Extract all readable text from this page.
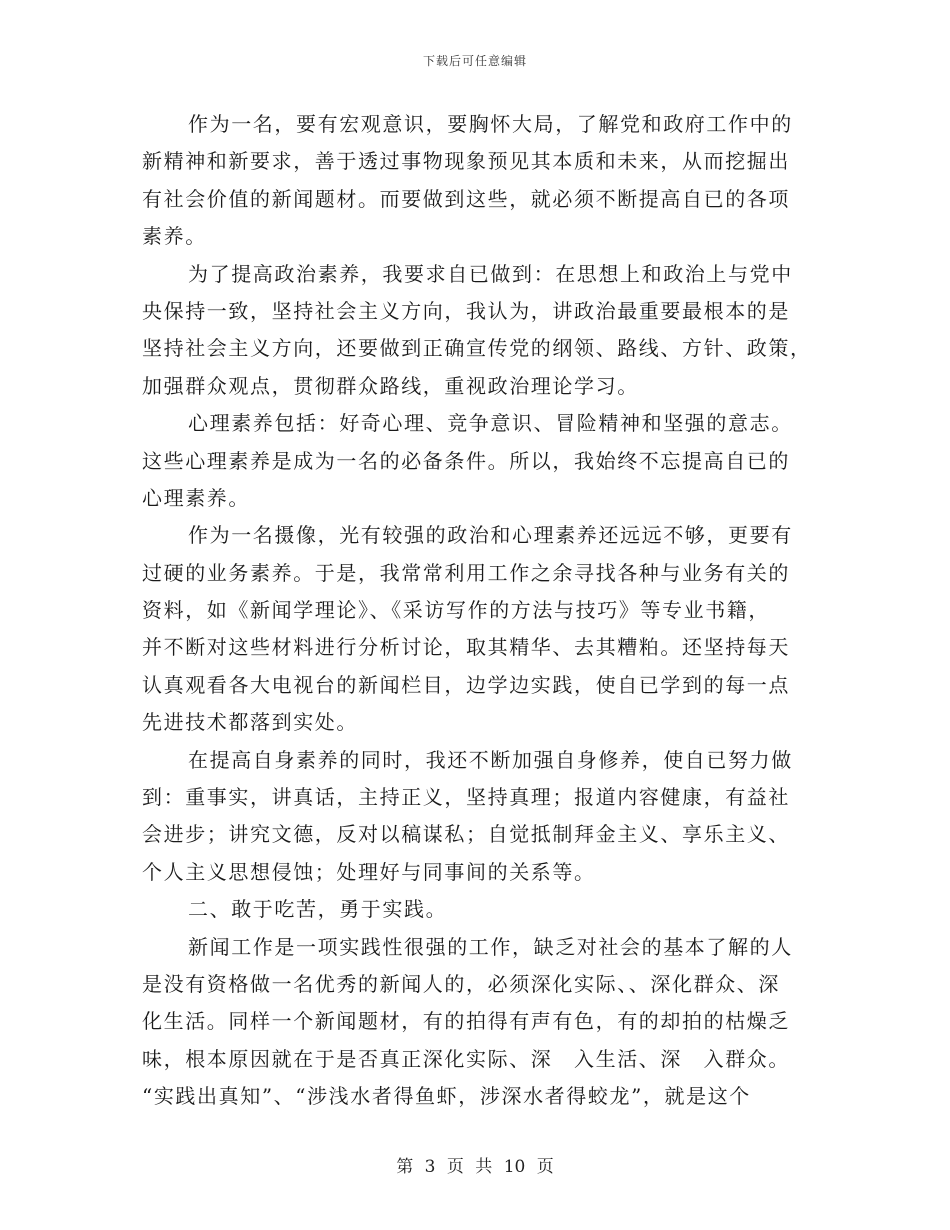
下载后可任意编辑
作为一名，要有宏观意识，要胸怀大局，了解党和政府工作中的
新精神和新要求，善于透过事物现象预见其本质和未来，从而挖掘出
有社会价值的新闻题材。而要做到这些，就必须不断提高自已的各项
素养。
为了提高政治素养，我要求自已做到：在思想上和政治上与党中
央保持一致，坚持社会主义方向，我认为，讲政治最重要最根本的是
坚持社会主义方向，还要做到正确宣传党的纲领、路线、方针、政策，
加强群众观点，贯彻群众路线，重视政治理论学习。
心理素养包括：好奇心理、竞争意识、冒险精神和坚强的意志。
这些心理素养是成为一名的必备条件。所以，我始终不忘提高自已的
心理素养。
作为一名摄像，光有较强的政治和心理素养还远远不够，更要有
过硬的业务素养。于是，我常常利用工作之余寻找各种与业务有关的
资料，如《新闻学理论》、《采访写作的方法与技巧》等专业书籍，
并不断对这些材料进行分析讨论，取其精华、去其糟粕。还坚持每天
认真观看各大电视台的新闻栏目，边学边实践，使自已学到的每一点
先进技术都落到实处。
在提高自身素养的同时，我还不断加强自身修养，使自已努力做
到：重事实，讲真话，主持正义，坚持真理；报道内容健康，有益社
会进步；讲究文德，反对以稿谋私；自觉抵制拜金主义、享乐主义、
个人主义思想侵蚀；处理好与同事间的关系等。
二、敢于吃苦，勇于实践。
新闻工作是一项实践性很强的工作，缺乏对社会的基本了解的人
是没有资格做一名优秀的新闻人的，必须深化实际、、深化群众、深
化生活。同样一个新闻题材，有的拍得有声有色，有的却拍的枯燥乏
味，根本原因就在于是否真正深化实际、深　入生活、深　入群众。
“实践出真知”、“涉浅水者得鱼虾，涉深水者得蛟龙”，就是这个
第 3 页 共 10 页
